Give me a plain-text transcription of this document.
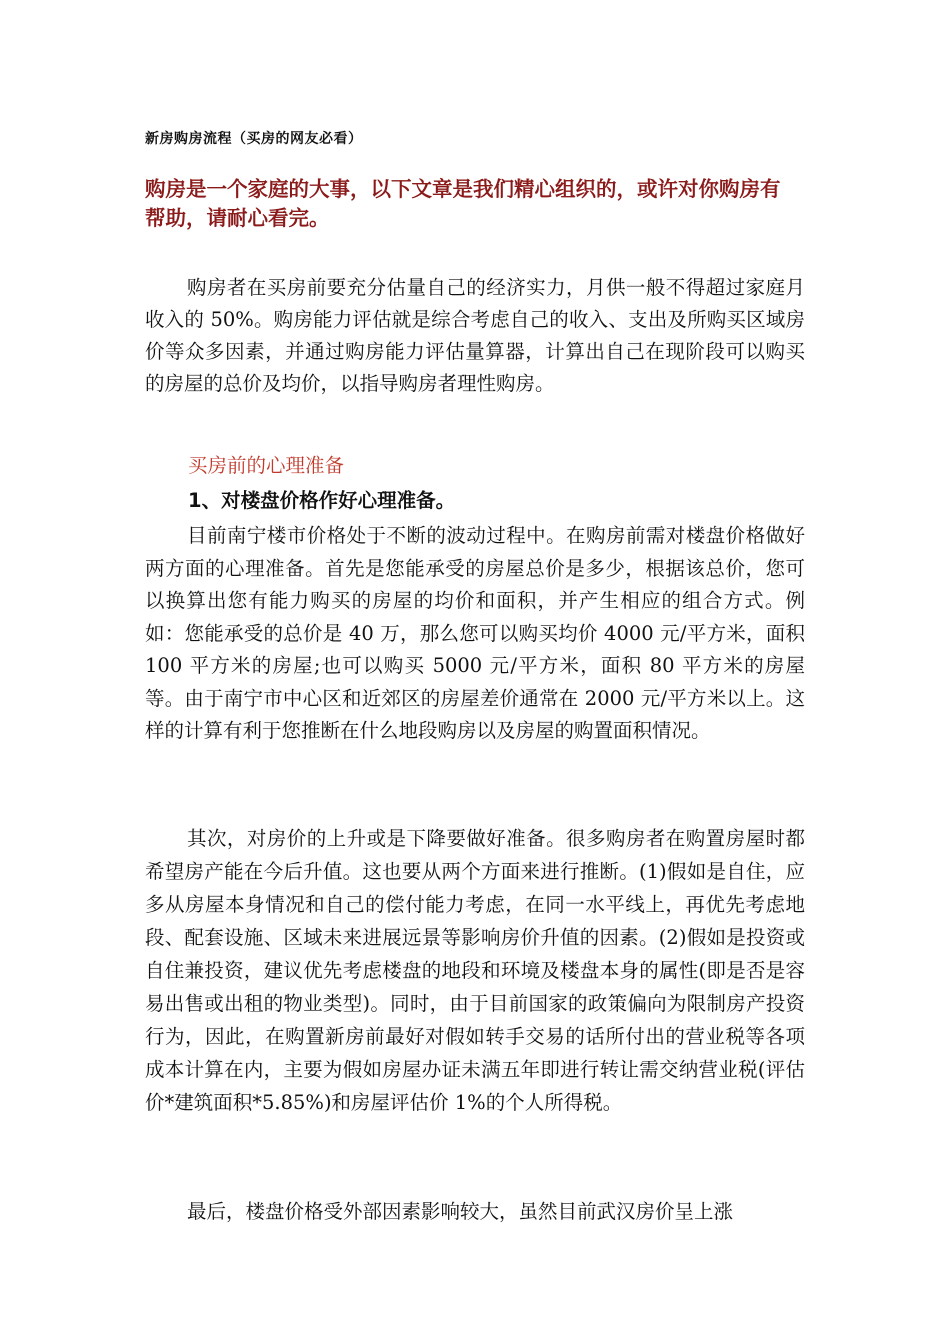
新房购房流程（买房的网友必看）
购房是一个家庭的大事，以下文章是我们精心组织的，或许对你购房有帮助，请耐心看完。

购房者在买房前要充分估量自己的经济实力，月供一般不得超过家庭月收入的 50%。购房能力评估就是综合考虑自己的收入、支出及所购买区域房价等众多因素，并通过购房能力评估量算器，计算出自己在现阶段可以购买的房屋的总价及均价，以指导购房者理性购房。

买房前的心理准备
1、对楼盘价格作好心理准备。

目前南宁楼市价格处于不断的波动过程中。在购房前需对楼盘价格做好两方面的心理准备。首先是您能承受的房屋总价是多少，根据该总价，您可以换算出您有能力购买的房屋的均价和面积，并产生相应的组合方式。例如：您能承受的总价是 40 万，那么您可以购买均价 4000 元/平方米，面积 100 平方米的房屋;也可以购买 5000 元/平方米，面积 80 平方米的房屋等。由于南宁市中心区和近郊区的房屋差价通常在 2000 元/平方米以上。这样的计算有利于您推断在什么地段购房以及房屋的购置面积情况。

其次，对房价的上升或是下降要做好准备。很多购房者在购置房屋时都希望房产能在今后升值。这也要从两个方面来进行推断。(1)假如是自住，应多从房屋本身情况和自己的偿付能力考虑，在同一水平线上，再优先考虑地段、配套设施、区域未来进展远景等影响房价升值的因素。(2)假如是投资或自住兼投资，建议优先考虑楼盘的地段和环境及楼盘本身的属性(即是否是容易出售或出租的物业类型)。同时，由于目前国家的政策偏向为限制房产投资行为，因此，在购置新房前最好对假如转手交易的话所付出的营业税等各项成本计算在内，主要为假如房屋办证未满五年即进行转让需交纳营业税(评估价*建筑面积*5.85%)和房屋评估价 1%的个人所得税。

最后，楼盘价格受外部因素影响较大，虽然目前武汉房价呈上涨
